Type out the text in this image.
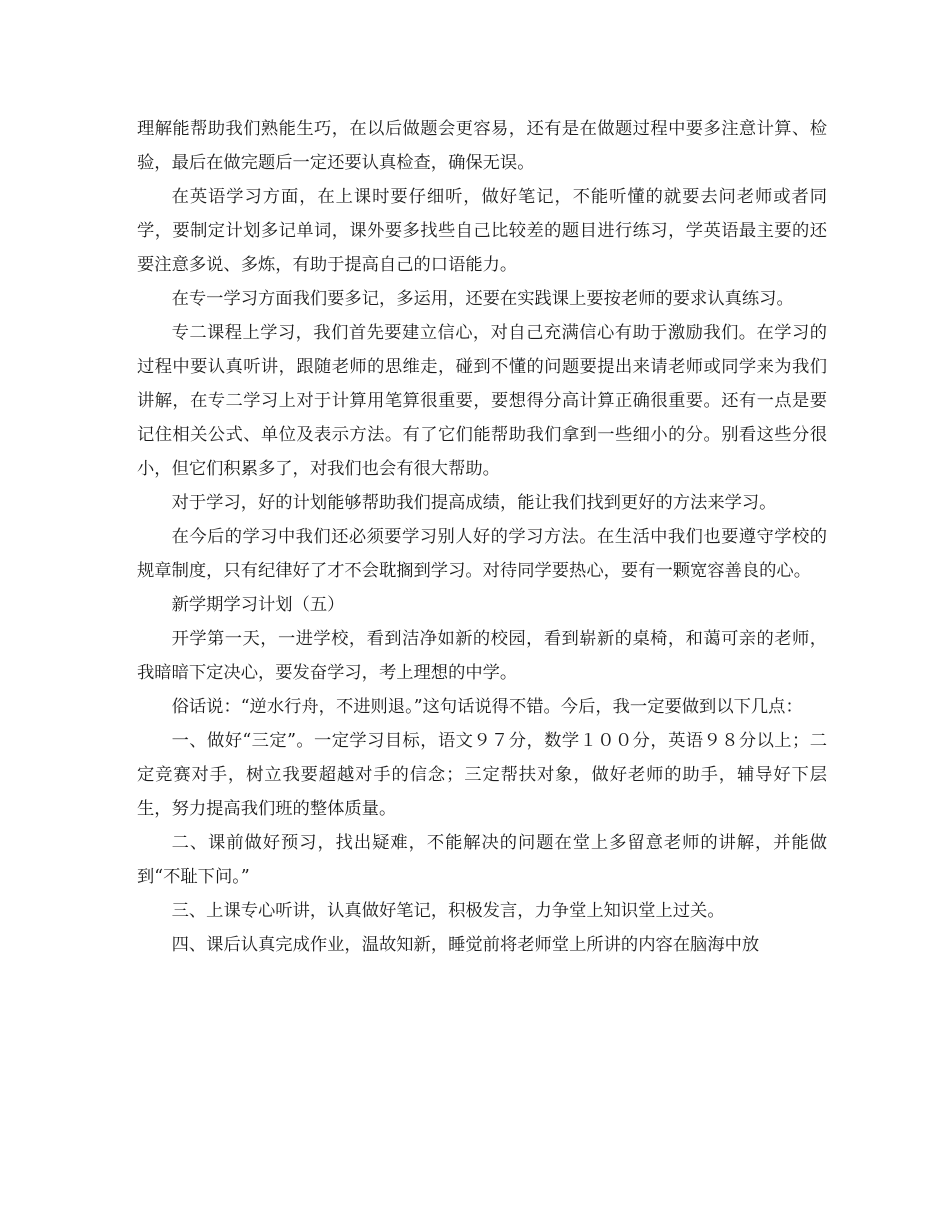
理解能帮助我们熟能生巧，在以后做题会更容易，还有是在做题过程中要多注意计算、检验，最后在做完题后一定还要认真检查，确保无误。

在英语学习方面，在上课时要仔细听，做好笔记，不能听懂的就要去问老师或者同学，要制定计划多记单词，课外要多找些自己比较差的题目进行练习，学英语最主要的还要注意多说、多炼，有助于提高自己的口语能力。

在专一学习方面我们要多记，多运用，还要在实践课上要按老师的要求认真练习。

专二课程上学习，我们首先要建立信心，对自己充满信心有助于激励我们。在学习的过程中要认真听讲，跟随老师的思维走，碰到不懂的问题要提出来请老师或同学来为我们讲解，在专二学习上对于计算用笔算很重要，要想得分高计算正确很重要。还有一点是要记住相关公式、单位及表示方法。有了它们能帮助我们拿到一些细小的分。别看这些分很小，但它们积累多了，对我们也会有很大帮助。

对于学习，好的计划能够帮助我们提高成绩，能让我们找到更好的方法来学习。

在今后的学习中我们还必须要学习别人好的学习方法。在生活中我们也要遵守学校的规章制度，只有纪律好了才不会耽搁到学习。对待同学要热心，要有一颗宽容善良的心。

新学期学习计划（五）

开学第一天，一进学校，看到洁净如新的校园，看到崭新的桌椅，和蔼可亲的老师，我暗暗下定决心，要发奋学习，考上理想的中学。

俗话说：“逆水行舟，不进则退。”这句话说得不错。今后，我一定要做到以下几点：

一、做好“三定”。一定学习目标，语文９７分，数学１００分，英语９８分以上；二定竞赛对手，树立我要超越对手的信念；三定帮扶对象，做好老师的助手，辅导好下层生，努力提高我们班的整体质量。

二、课前做好预习，找出疑难，不能解决的问题在堂上多留意老师的讲解，并能做到“不耻下问。”

三、上课专心听讲，认真做好笔记，积极发言，力争堂上知识堂上过关。

四、课后认真完成作业，温故知新，睡觉前将老师堂上所讲的内容在脑海中放
